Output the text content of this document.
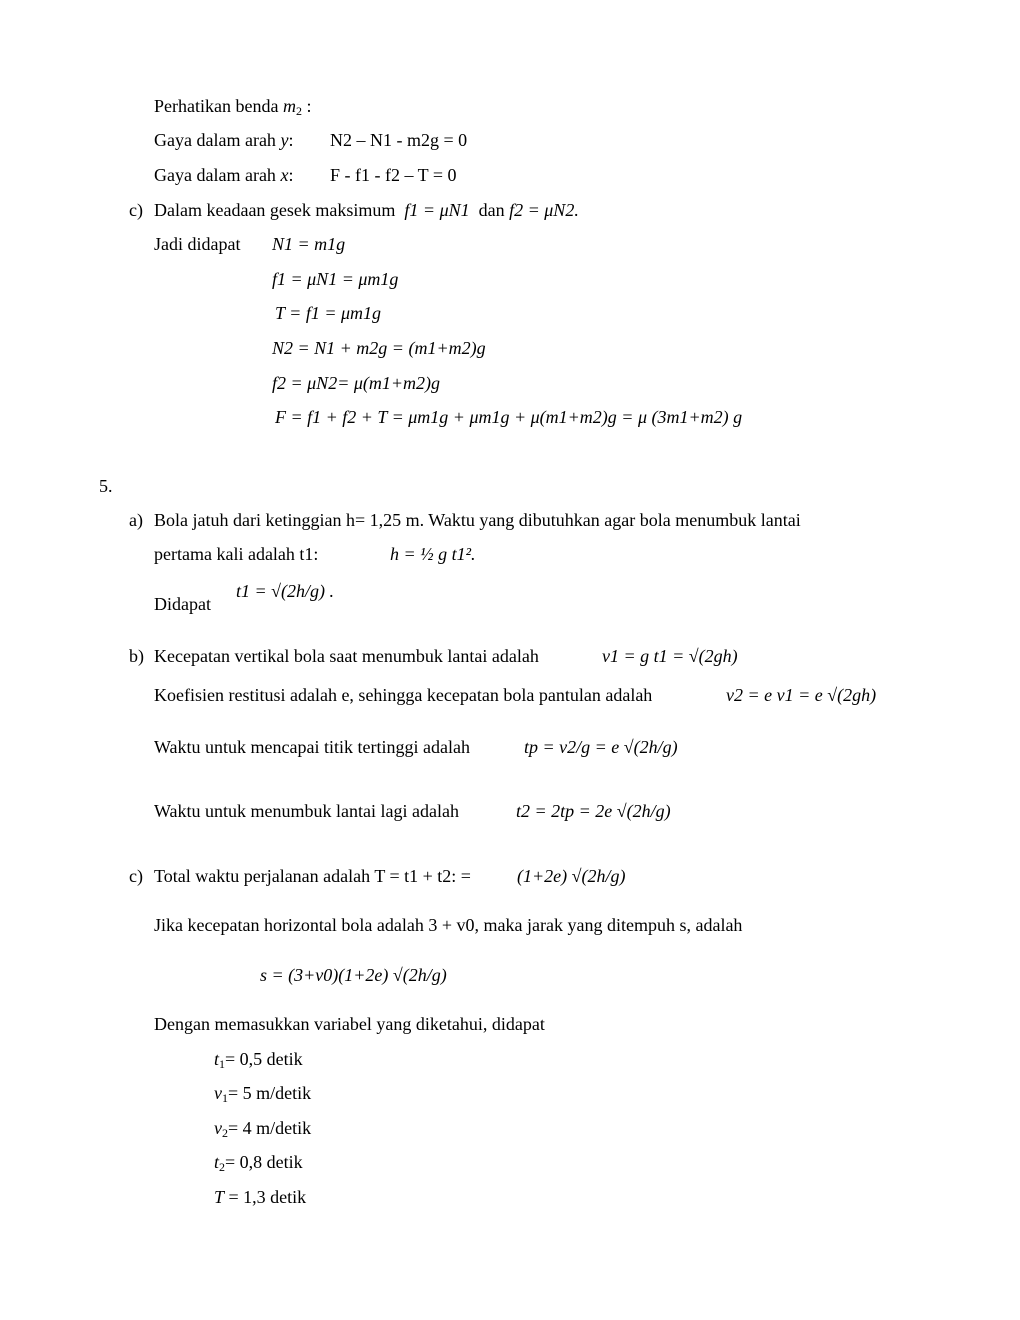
Perhatikan benda $m_2$ :
Gaya dalam arah y: N2 – N1 - m2g = 0
Gaya dalam arah x: F - f1 - f2 – T = 0
c) Dalam keadaan gesek maksimum f1 = μN1 dan f2 = μN2.
Jadi didapat N1 = m1g
f1 = μN1 = μm1g
T = f1 = μm1g
N2 = N1 + m2g = (m1+m2)g
f2 = μN2= μ(m1+m2)g
F = f1 + f2 + T = μm1g + μm1g + μ(m1+m2)g = μ (3m1+m2) g
5.
a) Bola jatuh dari ketinggian h= 1,25 m. Waktu yang dibutuhkan agar bola menumbuk lantai
pertama kali adalah t1:	h = ½ g t1².
Didapat
t1 = √(2h/g) .
b) Kecepatan vertikal bola saat menumbuk lantai adalah	v1 = g t1 = √(2gh)
Koefisien restitusi adalah e, sehingga kecepatan bola pantulan adalah	v2 = e v1 = e √(2gh)
Waktu untuk mencapai titik tertinggi adalah	tp = v2/g = e √(2h/g)
Waktu untuk menumbuk lantai lagi adalah	t2 = 2tp = 2e √(2h/g)
c) Total waktu perjalanan adalah T = t1 + t2: =	(1+2e) √(2h/g)
Jika kecepatan horizontal bola adalah 3 + v0, maka jarak yang ditempuh s, adalah
s = (3+v0)(1+2e) √(2h/g)
Dengan memasukkan variabel yang diketahui, didapat
$t_1= 0,5$ detik
$v_1= 5$ m/detik
$v_2= 4$ m/detik
$t_2= 0,8$ detik
T = 1,3 detik
